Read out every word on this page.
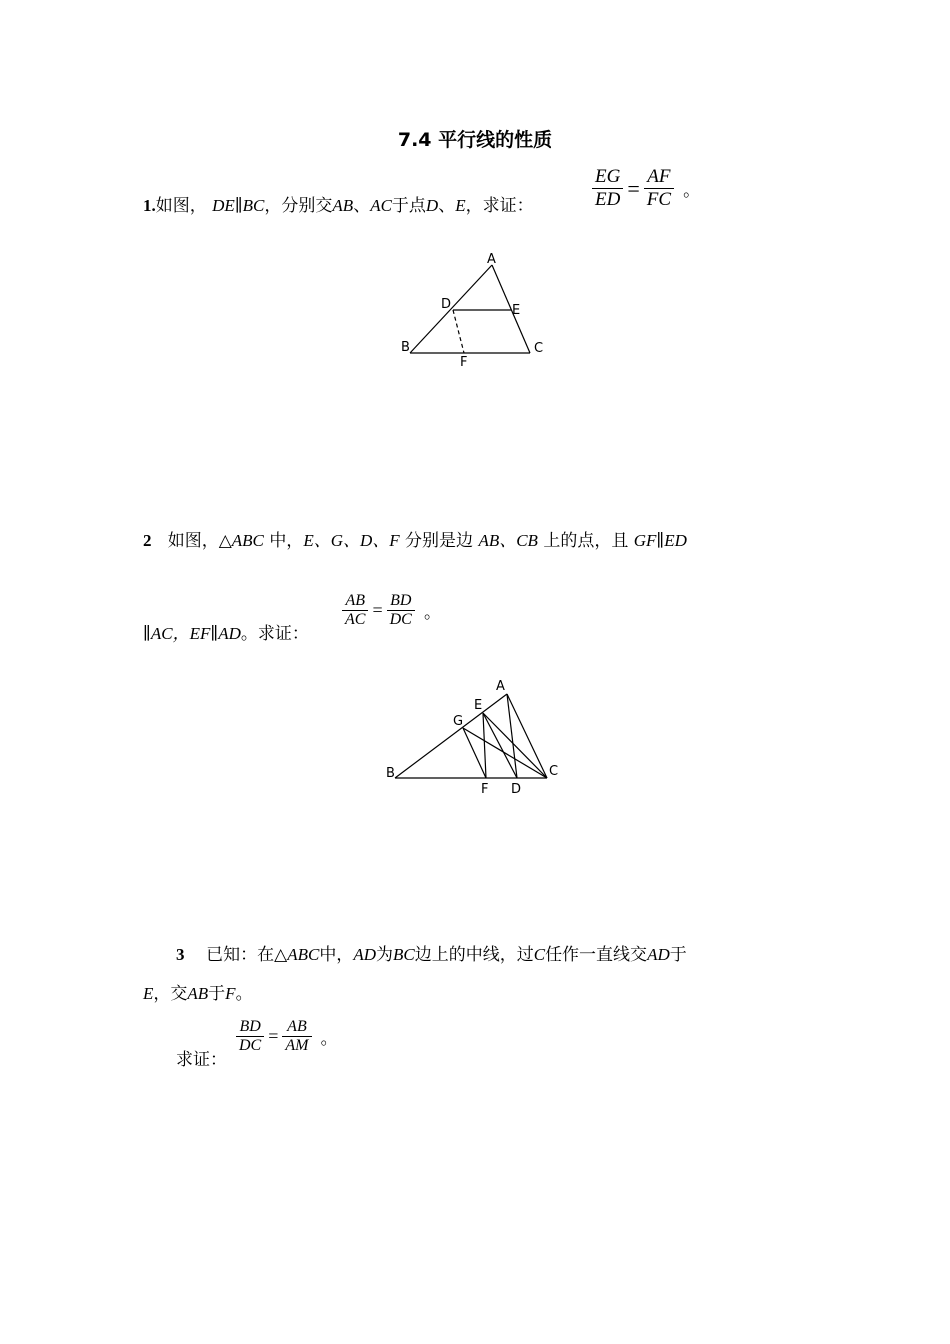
7.4 平行线的性质
1.如图， DE∥BC，分别交AB、AC于点D、E，求证：	$\frac{EG}{ED} = \frac{AF}{FC}$ 。
A
D	E
B	C
F
2 如图，△ABC 中，E、G、D、F 分别是边 AB、CB 上的点，且 GF∥ED
∥AC，EF∥AD。求证：
$\frac{AB}{AC} = \frac{BD}{DC}$ 。
A
E
G
B	C
F D
3 已知：在△ABC中，AD为BC边上的中线，过C任作一直线交AD于
E，交AB于F。
求证：
$\frac{BD}{DC} = \frac{AB}{AM}$ 。
